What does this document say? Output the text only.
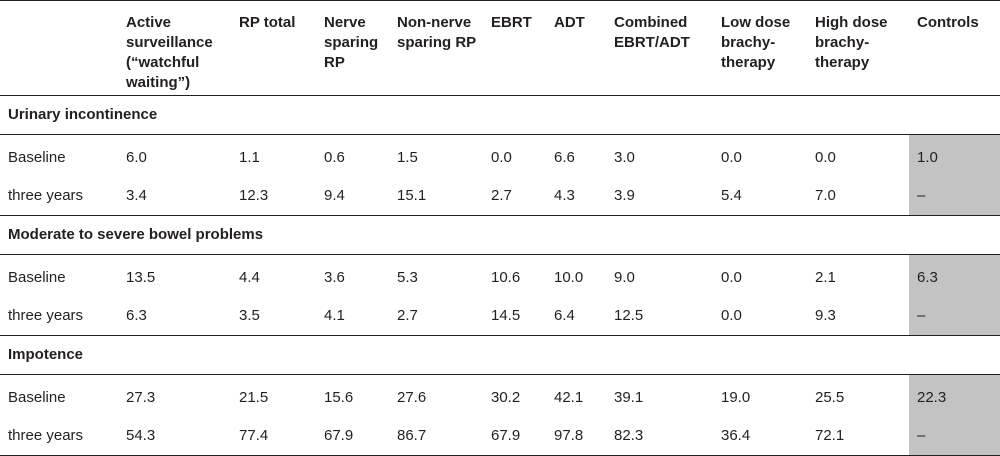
	Active
surveillance
(“watchful
waiting”)	RP total	Nerve
sparing
RP	Non-nerve
sparing RP	EBRT	ADT	Combined
EBRT/ADT	Low dose
brachy-
therapy	High dose
brachy-
therapy	Controls

Urinary incontinence										
Baseline	6.0	1.1	0.6	1.5	0.0	6.6	3.0	0.0	0.0	1.0
three years	3.4	12.3	9.4	15.1	2.7	4.3	3.9	5.4	7.0	–
Moderate to severe bowel problems										
Baseline	13.5	4.4	3.6	5.3	10.6	10.0	9.0	0.0	2.1	6.3
three years	6.3	3.5	4.1	2.7	14.5	6.4	12.5	0.0	9.3	–
Impotence										
Baseline	27.3	21.5	15.6	27.6	30.2	42.1	39.1	19.0	25.5	22.3
three years	54.3	77.4	67.9	86.7	67.9	97.8	82.3	36.4	72.1	–
